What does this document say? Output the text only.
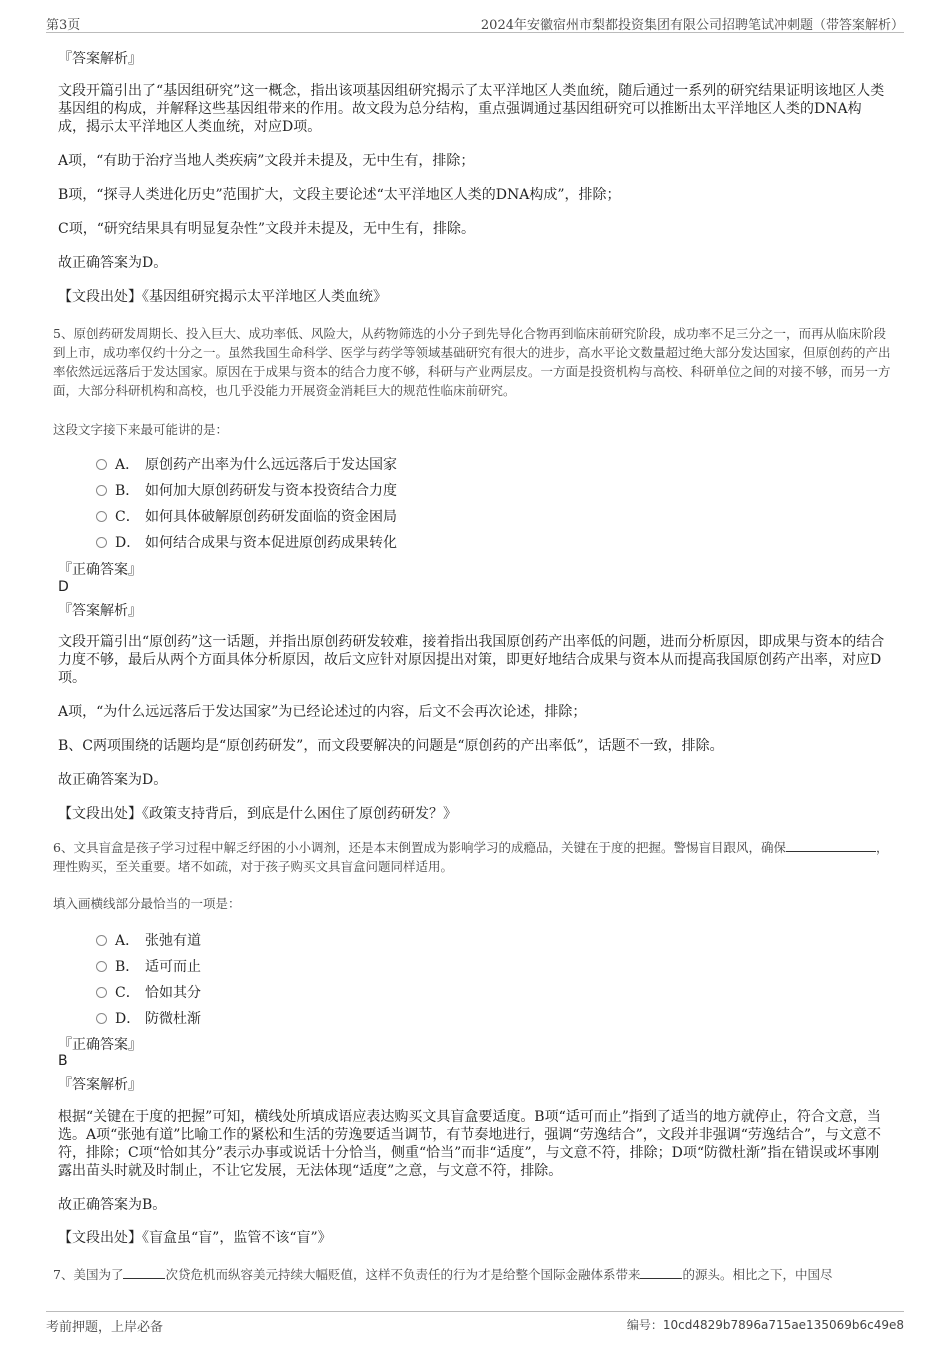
第3页	2024年安徽宿州市梨都投资集团有限公司招聘笔试冲刺题（带答案解析）
『答案解析』
文段开篇引出了“基因组研究”这一概念，指出该项基因组研究揭示了太平洋地区人类血统，随后通过一系列的研究结果证明该地区人类基因组的构成，并解释这些基因组带来的作用。故文段为总分结构，重点强调通过基因组研究可以推断出太平洋地区人类的DNA构成，揭示太平洋地区人类血统，对应D项。
A项，“有助于治疗当地人类疾病”文段并未提及，无中生有，排除；
B项，“探寻人类进化历史”范围扩大，文段主要论述“太平洋地区人类的DNA构成”，排除；
C项，“研究结果具有明显复杂性”文段并未提及，无中生有，排除。
故正确答案为D。
【文段出处】《基因组研究揭示太平洋地区人类血统》
5、原创药研发周期长、投入巨大、成功率低、风险大，从药物筛选的小分子到先导化合物再到临床前研究阶段，成功率不足三分之一，而再从临床阶段到上市，成功率仅约十分之一。虽然我国生命科学、医学与药学等领域基础研究有很大的进步，高水平论文数量超过绝大部分发达国家，但原创药的产出率依然远远落后于发达国家。原因在于成果与资本的结合力度不够，科研与产业两层皮。一方面是投资机构与高校、科研单位之间的对接不够，而另一方面，大部分科研机构和高校，也几乎没能力开展资金消耗巨大的规范性临床前研究。
这段文字接下来最可能讲的是：
A． 原创药产出率为什么远远落后于发达国家
B． 如何加大原创药研发与资本投资结合力度
C． 如何具体破解原创药研发面临的资金困局
D． 如何结合成果与资本促进原创药成果转化
『正确答案』
D
『答案解析』
文段开篇引出“原创药”这一话题，并指出原创药研发较难，接着指出我国原创药产出率低的问题，进而分析原因，即成果与资本的结合力度不够，最后从两个方面具体分析原因，故后文应针对原因提出对策，即更好地结合成果与资本从而提高我国原创药产出率，对应D项。
A项，“为什么远远落后于发达国家”为已经论述过的内容，后文不会再次论述，排除；
B、C两项围绕的话题均是“原创药研发”，而文段要解决的问题是“原创药的产出率低”，话题不一致，排除。
故正确答案为D。
【文段出处】《政策支持背后，到底是什么困住了原创药研发？》
6、文具盲盒是孩子学习过程中解乏纾困的小小调剂，还是本末倒置成为影响学习的成瘾品，关键在于度的把握。警惕盲目跟风，确保	，理性购买，至关重要。堵不如疏，对于孩子购买文具盲盒问题同样适用。
填入画横线部分最恰当的一项是：
A． 张弛有道
B． 适可而止
C． 恰如其分
D． 防微杜渐
『正确答案』
B
『答案解析』
根据“关键在于度的把握”可知，横线处所填成语应表达购买文具盲盒要适度。B项“适可而止”指到了适当的地方就停止，符合文意，当选。A项“张弛有道”比喻工作的紧松和生活的劳逸要适当调节，有节奏地进行，强调“劳逸结合”，文段并非强调“劳逸结合”，与文意不符，排除；C项“恰如其分”表示办事或说话十分恰当，侧重“恰当”而非“适度”，与文意不符，排除；D项“防微杜渐”指在错误或坏事刚露出苗头时就及时制止，不让它发展，无法体现“适度”之意，与文意不符，排除。
故正确答案为B。
【文段出处】《盲盒虽“盲”，监管不该“盲”》
7、美国为了	次贷危机而纵容美元持续大幅贬值，这样不负责任的行为才是给整个国际金融体系带来	的源头。相比之下，中国尽
考前押题，上岸必备	编号：10cd4829b7896a715ae135069b6c49e8
